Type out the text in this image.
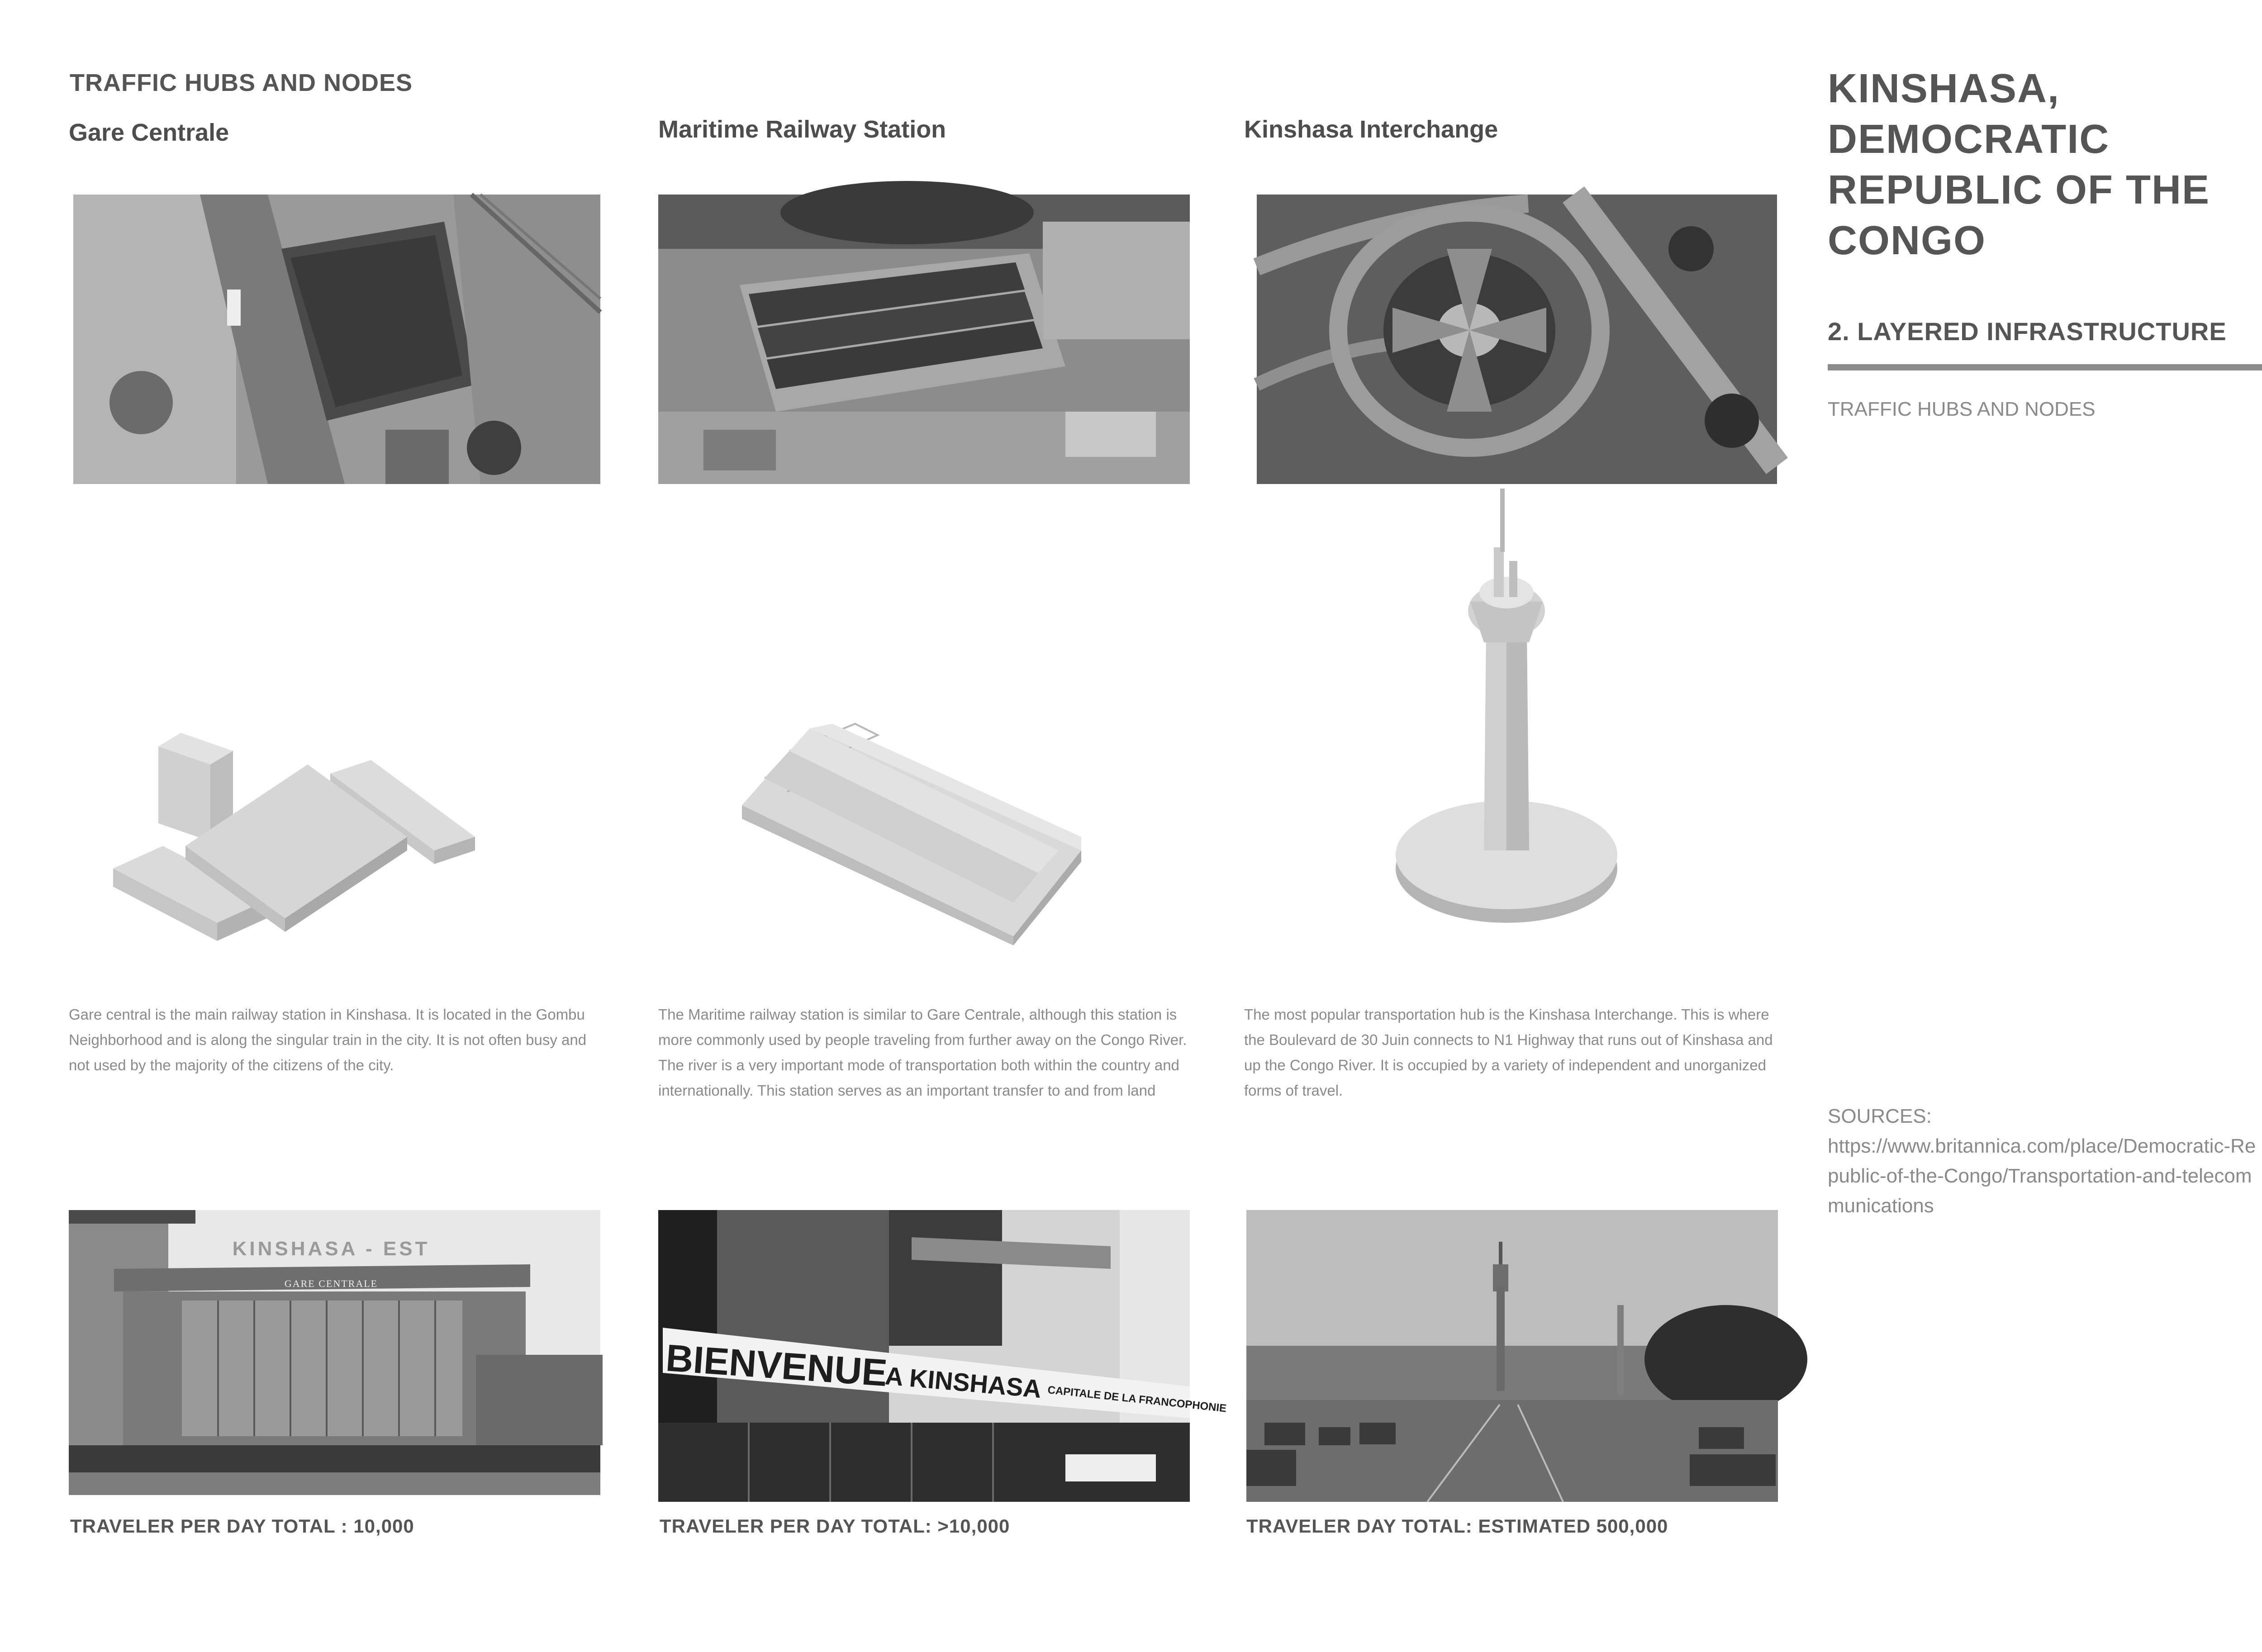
TRAFFIC HUBS AND NODES
Gare Centrale	Maritime Railway Station	Kinshasa Interchange
Gare central is the main railway station in Kinshasa. It is located in the Gombu Neighborhood and is along the singular train in the city. It is not often busy and not used by the majority of the citizens of the city.
The Maritime railway station is similar to Gare Centrale, although this station is more commonly used by people traveling from further away on the Congo River. The river is a very important mode of transportation both within the country and internationally. This station serves as an important transfer to and from land
The most popular transportation hub is the Kinshasa Interchange. This is where the Boulevard de 30 Juin connects to N1 Highway that runs out of Kinshasa and up the Congo River. It is occupied by a variety of independent and unorganized forms of travel.
KINSHASA - EST
GARE CENTRALE
BIENVENUE
A KINSHASA CAPITALE DE LA FRANCOPHONIE
TRAVELER PER DAY TOTAL : 10,000	TRAVELER PER DAY TOTAL: >10,000	TRAVELER DAY TOTAL: ESTIMATED 500,000
KINSHASA, DEMOCRATIC REPUBLIC OF THE CONGO
2. LAYERED INFRASTRUCTURE
TRAFFIC HUBS AND NODES
SOURCES:
https://www.britannica.com/place/Democratic-Republic-of-the-Congo/Transportation-and-telecommunications
